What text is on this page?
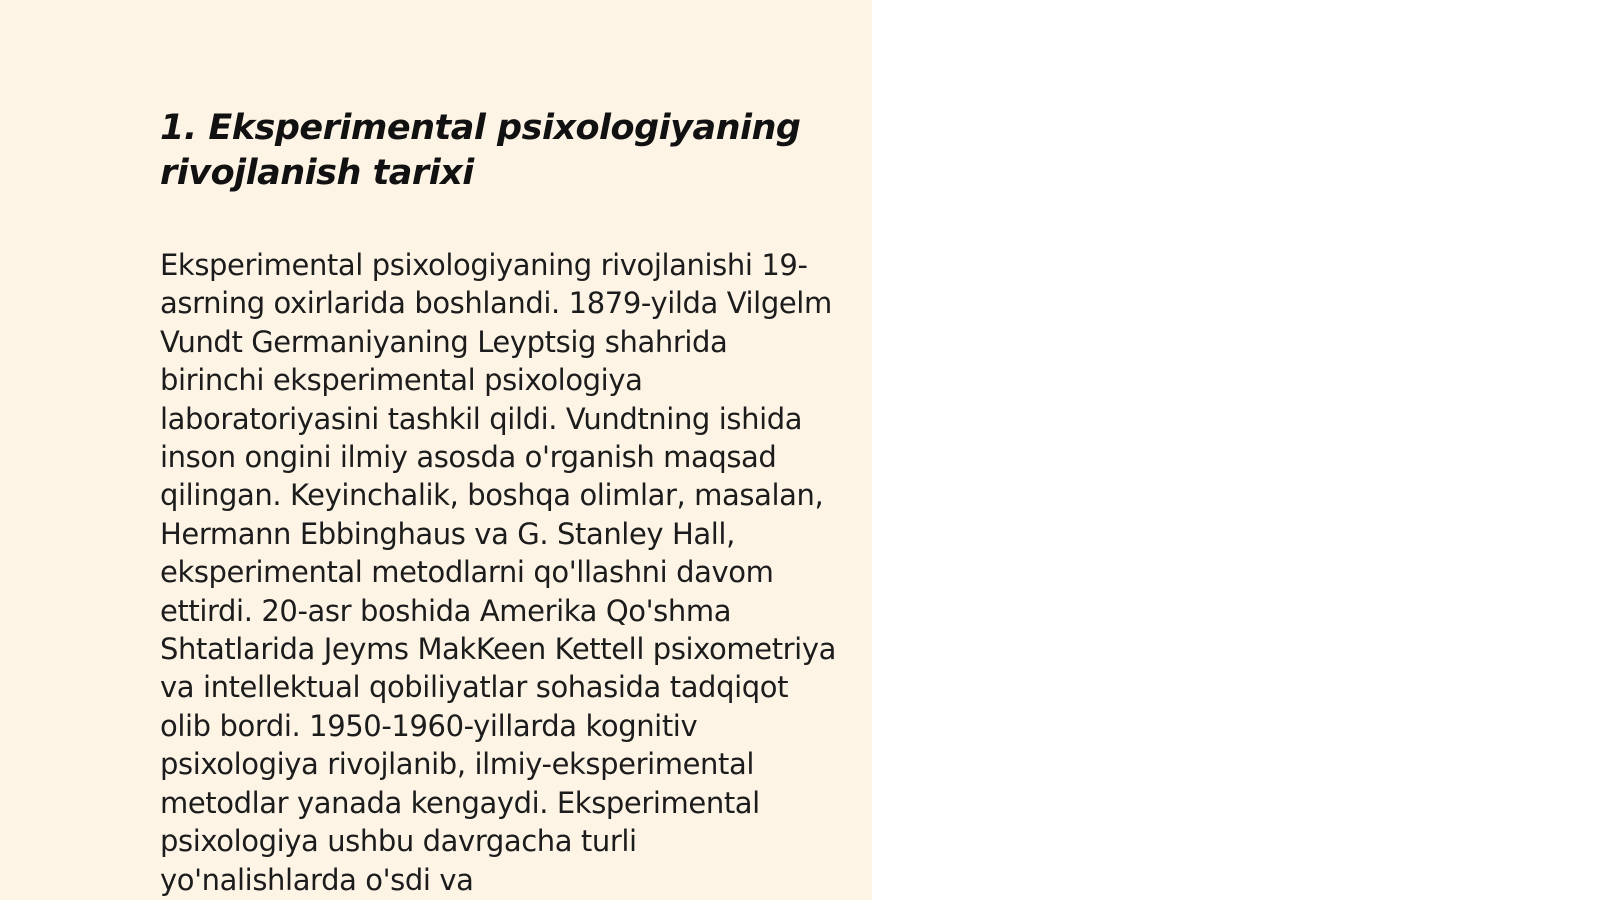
1. Eksperimental psixologiyaning rivojlanish tarixi

Eksperimental psixologiyaning rivojlanishi 19-asrning oxirlarida boshlandi. 1879-yilda Vilgelm Vundt Germaniyaning Leyptsig shahrida birinchi eksperimental psixologiya laboratoriyasini tashkil qildi. Vundtning ishida inson ongini ilmiy asosda o'rganish maqsad qilingan. Keyinchalik, boshqa olimlar, masalan, Hermann Ebbinghaus va G. Stanley Hall, eksperimental metodlarni qo'llashni davom ettirdi. 20-asr boshida Amerika Qo'shma Shtatlarida Jeyms MakKeen Kettell psixometriya va intellektual qobiliyatlar sohasida tadqiqot olib bordi. 1950-1960-yillarda kognitiv psixologiya rivojlanib, ilmiy-eksperimental metodlar yanada kengaydi. Eksperimental psixologiya ushbu davrgacha turli yo'nalishlarda o'sdi va
